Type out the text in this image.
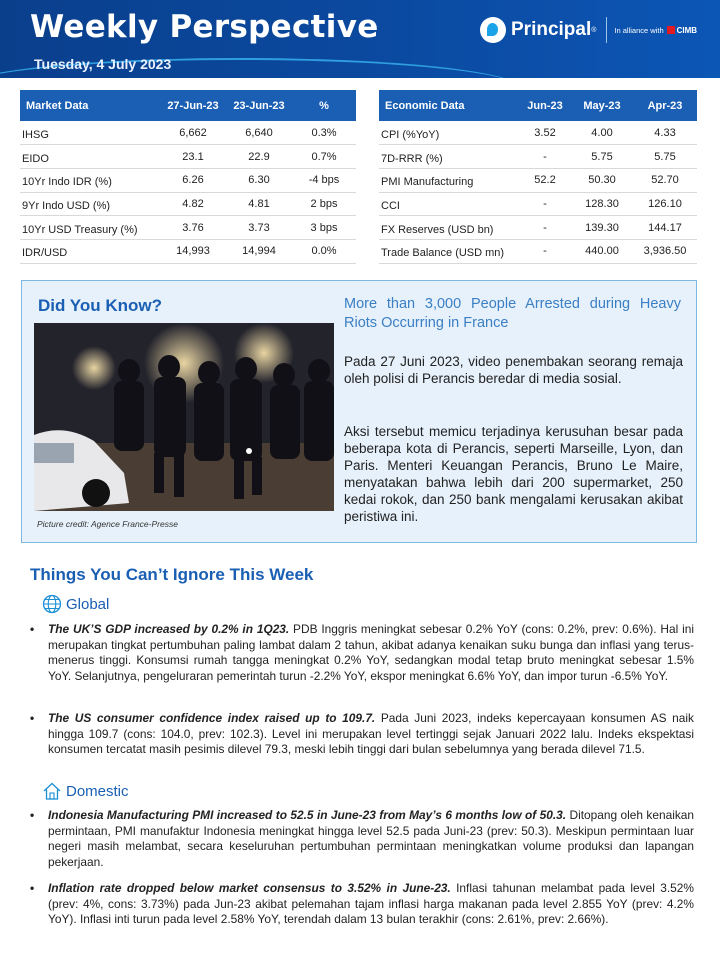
Weekly Perspective
Tuesday, 4 July 2023
Principal ® In alliance with CIMB
Market Data	27-Jun-23	23-Jun-23	%
IHSG	6,662	6,640	0.3%
EIDO	23.1	22.9	0.7%
10Yr Indo IDR (%)	6.26	6.30	-4 bps
9Yr Indo USD (%)	4.82	4.81	2 bps
10Yr USD Treasury (%)	3.76	3.73	3 bps
IDR/USD	14,993	14,994	0.0%
Economic Data	Jun-23	May-23	Apr-23
CPI (%YoY)	3.52	4.00	4.33
7D-RRR (%)	-	5.75	5.75
PMI Manufacturing	52.2	50.30	52.70
CCI	-	128.30	126.10
FX Reserves (USD bn)	-	139.30	144.17
Trade Balance (USD mn)	-	440.00	3,936.50
Did You Know?
Picture credit: Agence France-Presse
More than 3,000 People Arrested during Heavy Riots Occurring in France
Pada 27 Juni 2023, video penembakan seorang remaja oleh polisi di Perancis beredar di media sosial.
Aksi tersebut memicu terjadinya kerusuhan besar pada beberapa kota di Perancis, seperti Marseille, Lyon, dan Paris. Menteri Keuangan Perancis, Bruno Le Maire, menyatakan bahwa lebih dari 200 supermarket, 250 kedai rokok, dan 250 bank mengalami kerusakan akibat peristiwa ini.
Things You Can’t Ignore This Week
Global
• The UK’S GDP increased by 0.2% in 1Q23. PDB Inggris meningkat sebesar 0.2% YoY (cons: 0.2%, prev: 0.6%). Hal ini merupakan tingkat pertumbuhan paling lambat dalam 2 tahun, akibat adanya kenaikan suku bunga dan inflasi yang terus-menerus tinggi. Konsumsi rumah tangga meningkat 0.2% YoY, sedangkan modal tetap bruto meningkat sebesar 1.5% YoY. Selanjutnya, pengeluraran pemerintah turun -2.2% YoY, ekspor meningkat 6.6% YoY, dan impor turun -6.5% YoY.
• The US consumer confidence index raised up to 109.7. Pada Juni 2023, indeks kepercayaan konsumen AS naik hingga 109.7 (cons: 104.0, prev: 102.3). Level ini merupakan level tertinggi sejak Januari 2022 lalu. Indeks ekspektasi konsumen tercatat masih pesimis dilevel 79.3, meski lebih tinggi dari bulan sebelumnya yang berada dilevel 71.5.
Domestic
• Indonesia Manufacturing PMI increased to 52.5 in June-23 from May’s 6 months low of 50.3. Ditopang oleh kenaikan permintaan, PMI manufaktur Indonesia meningkat hingga level 52.5 pada Juni-23 (prev: 50.3). Meskipun permintaan luar negeri masih melambat, secara keseluruhan pertumbuhan permintaan meningkatkan volume produksi dan lapangan pekerjaan.
• Inflation rate dropped below market consensus to 3.52% in June-23. Inflasi tahunan melambat pada level 3.52% (prev: 4%, cons: 3.73%) pada Jun-23 akibat pelemahan tajam inflasi harga makanan pada level 2.855 YoY (prev: 4.2% YoY). Inflasi inti turun pada level 2.58% YoY, terendah dalam 13 bulan terakhir (cons: 2.61%, prev: 2.66%).
